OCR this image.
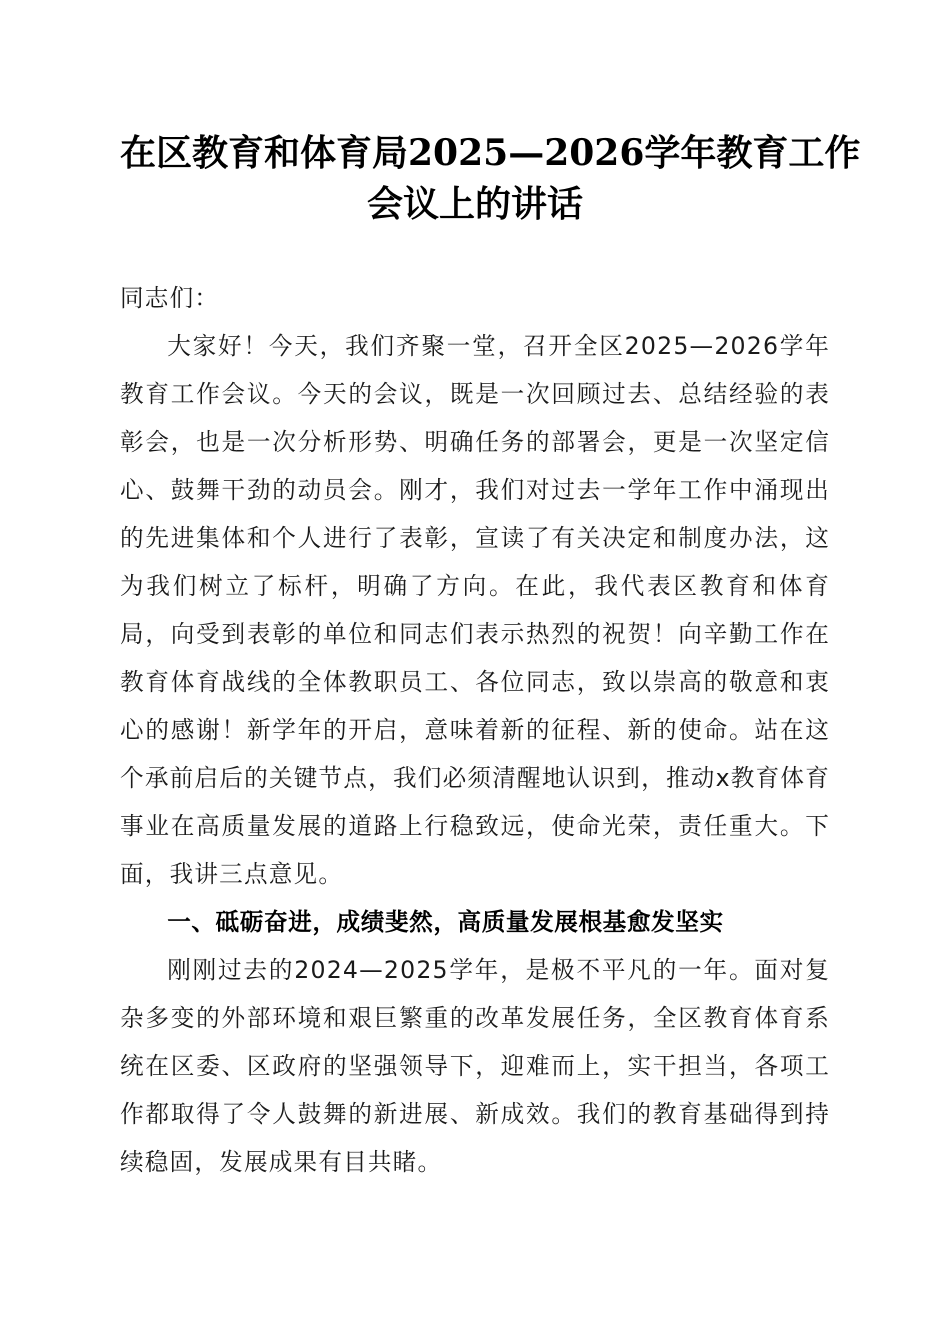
在区教育和体育局2025—2026学年教育工作
会议上的讲话

同志们：

大家好！今天，我们齐聚一堂，召开全区2025—2026学年教育工作会议。今天的会议，既是一次回顾过去、总结经验的表彰会，也是一次分析形势、明确任务的部署会，更是一次坚定信心、鼓舞干劲的动员会。刚才，我们对过去一学年工作中涌现出的先进集体和个人进行了表彰，宣读了有关决定和制度办法，这为我们树立了标杆，明确了方向。在此，我代表区教育和体育局，向受到表彰的单位和同志们表示热烈的祝贺！向辛勤工作在教育体育战线的全体教职员工、各位同志，致以崇高的敬意和衷心的感谢！新学年的开启，意味着新的征程、新的使命。站在这个承前启后的关键节点，我们必须清醒地认识到，推动x教育体育事业在高质量发展的道路上行稳致远，使命光荣，责任重大。下面，我讲三点意见。

一、砥砺奋进，成绩斐然，高质量发展根基愈发坚实

刚刚过去的2024—2025学年，是极不平凡的一年。面对复杂多变的外部环境和艰巨繁重的改革发展任务，全区教育体育系统在区委、区政府的坚强领导下，迎难而上，实干担当，各项工作都取得了令人鼓舞的新进展、新成效。我们的教育基础得到持续稳固，发展成果有目共睹。
